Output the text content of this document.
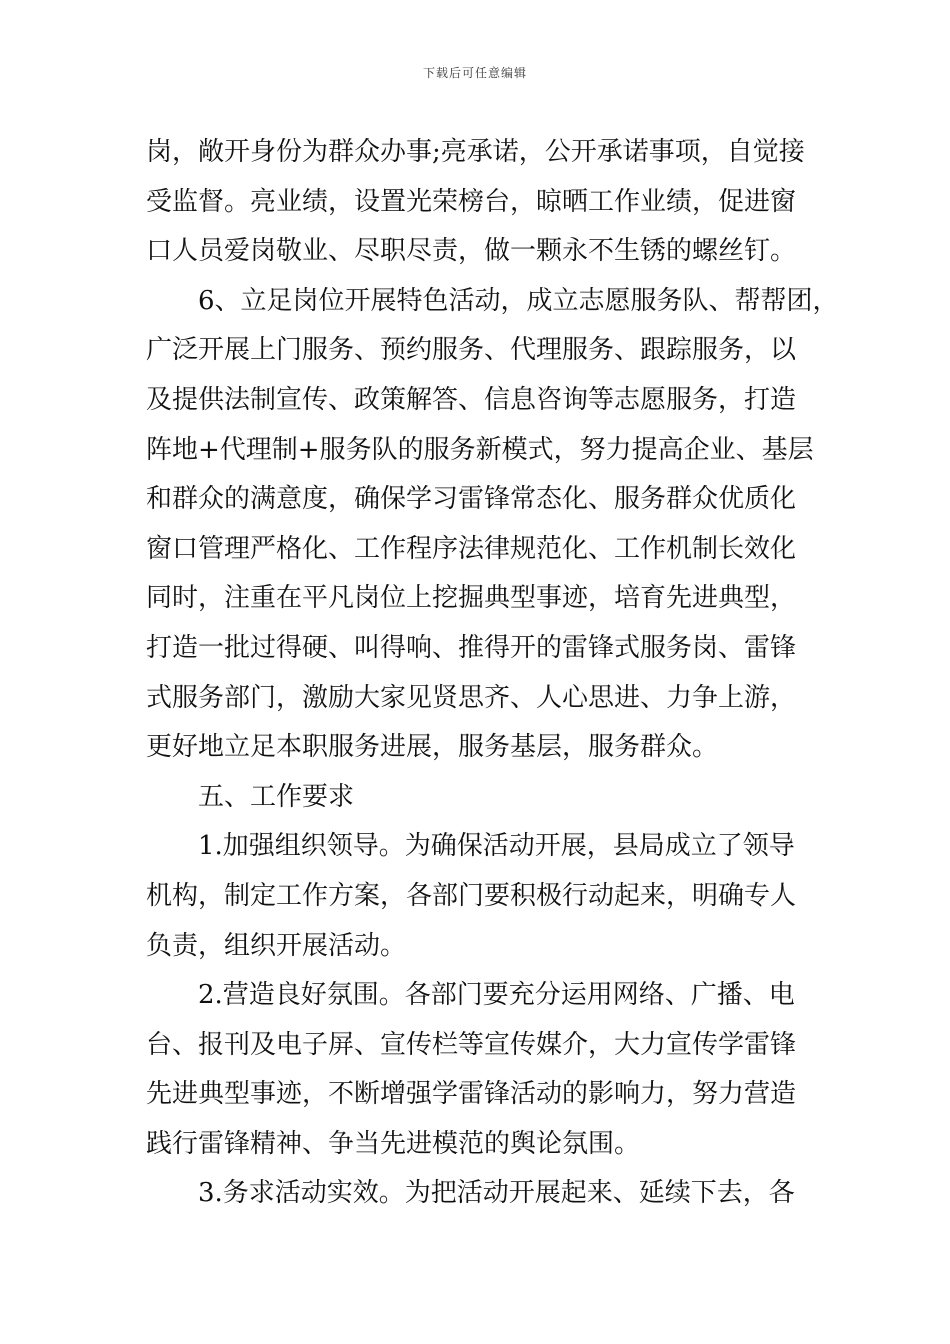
下载后可任意编辑
岗，敞开身份为群众办事;亮承诺，公开承诺事项，自觉接
受监督。亮业绩，设置光荣榜台，晾晒工作业绩，促进窗
口人员爱岗敬业、尽职尽责，做一颗永不生锈的螺丝钉。
6、立足岗位开展特色活动，成立志愿服务队、帮帮团，
广泛开展上门服务、预约服务、代理服务、跟踪服务，以
及提供法制宣传、政策解答、信息咨询等志愿服务，打造
阵地+代理制+服务队的服务新模式，努力提高企业、基层
和群众的满意度，确保学习雷锋常态化、服务群众优质化
窗口管理严格化、工作程序法律规范化、工作机制长效化
同时，注重在平凡岗位上挖掘典型事迹，培育先进典型，
打造一批过得硬、叫得响、推得开的雷锋式服务岗、雷锋
式服务部门，激励大家见贤思齐、人心思进、力争上游，
更好地立足本职服务进展，服务基层，服务群众。
五、工作要求
1.加强组织领导。为确保活动开展，县局成立了领导
机构，制定工作方案，各部门要积极行动起来，明确专人
负责，组织开展活动。
2.营造良好氛围。各部门要充分运用网络、广播、电
台、报刊及电子屏、宣传栏等宣传媒介，大力宣传学雷锋
先进典型事迹，不断增强学雷锋活动的影响力，努力营造
践行雷锋精神、争当先进模范的舆论氛围。
3.务求活动实效。为把活动开展起来、延续下去，各
